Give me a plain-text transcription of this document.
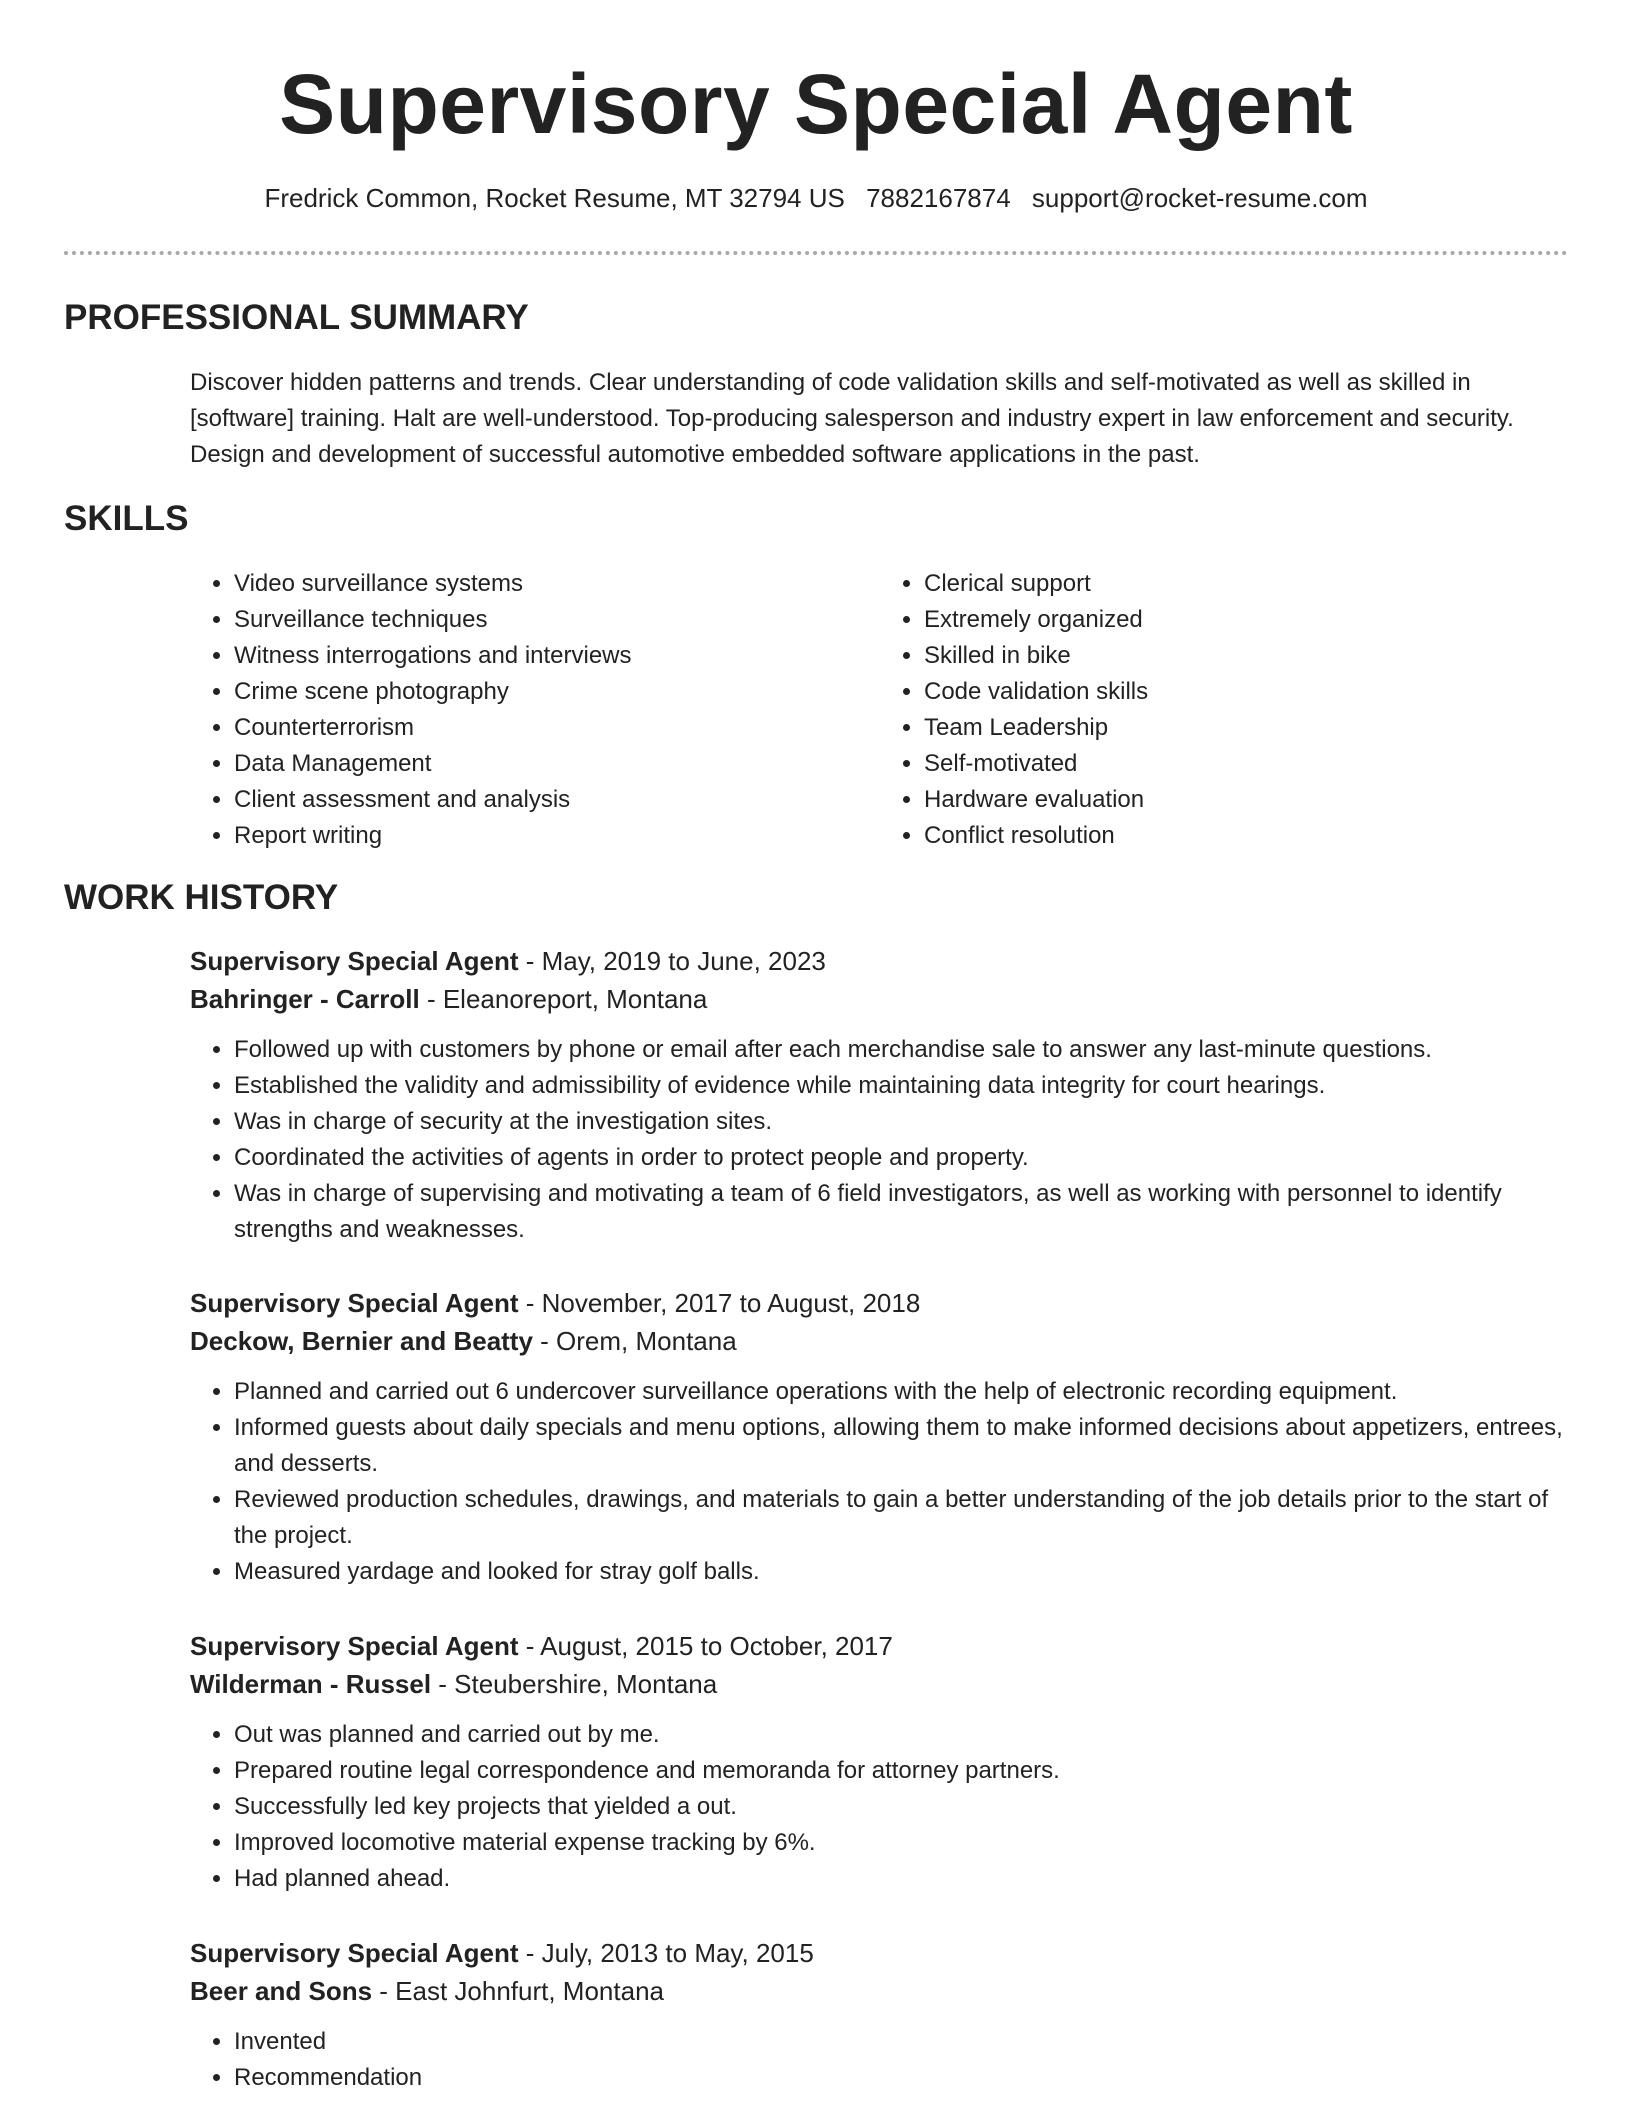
Supervisory Special Agent
Fredrick Common, Rocket Resume, MT 32794 US 7882167874 support@rocket-resume.com
PROFESSIONAL SUMMARY

Discover hidden patterns and trends. Clear understanding of code validation skills and self-motivated as well as skilled in [software] training. Halt are well-understood. Top-producing salesperson and industry expert in law enforcement and security. Design and development of successful automotive embedded software applications in the past.

SKILLS
• Video surveillance systems
• Surveillance techniques
• Witness interrogations and interviews
• Crime scene photography
• Counterterrorism
• Data Management
• Client assessment and analysis
• Report writing
• Clerical support
• Extremely organized
• Skilled in bike
• Code validation skills
• Team Leadership
• Self-motivated
• Hardware evaluation
• Conflict resolution
WORK HISTORY

Supervisory Special Agent - May, 2019 to June, 2023

Bahringer - Carroll - Eleanoreport, Montana

• Followed up with customers by phone or email after each merchandise sale to answer any last-minute questions.
• Established the validity and admissibility of evidence while maintaining data integrity for court hearings.
• Was in charge of security at the investigation sites.
• Coordinated the activities of agents in order to protect people and property.
• Was in charge of supervising and motivating a team of 6 field investigators, as well as working with personnel to identify strengths and weaknesses.

Supervisory Special Agent - November, 2017 to August, 2018

Deckow, Bernier and Beatty - Orem, Montana

• Planned and carried out 6 undercover surveillance operations with the help of electronic recording equipment.
• Informed guests about daily specials and menu options, allowing them to make informed decisions about appetizers, entrees, and desserts.
• Reviewed production schedules, drawings, and materials to gain a better understanding of the job details prior to the start of the project.
• Measured yardage and looked for stray golf balls.

Supervisory Special Agent - August, 2015 to October, 2017

Wilderman - Russel - Steubershire, Montana

• Out was planned and carried out by me.
• Prepared routine legal correspondence and memoranda for attorney partners.
• Successfully led key projects that yielded a out.
• Improved locomotive material expense tracking by 6%.
• Had planned ahead.

Supervisory Special Agent - July, 2013 to May, 2015

Beer and Sons - East Johnfurt, Montana

• Invented
• Recommendation
